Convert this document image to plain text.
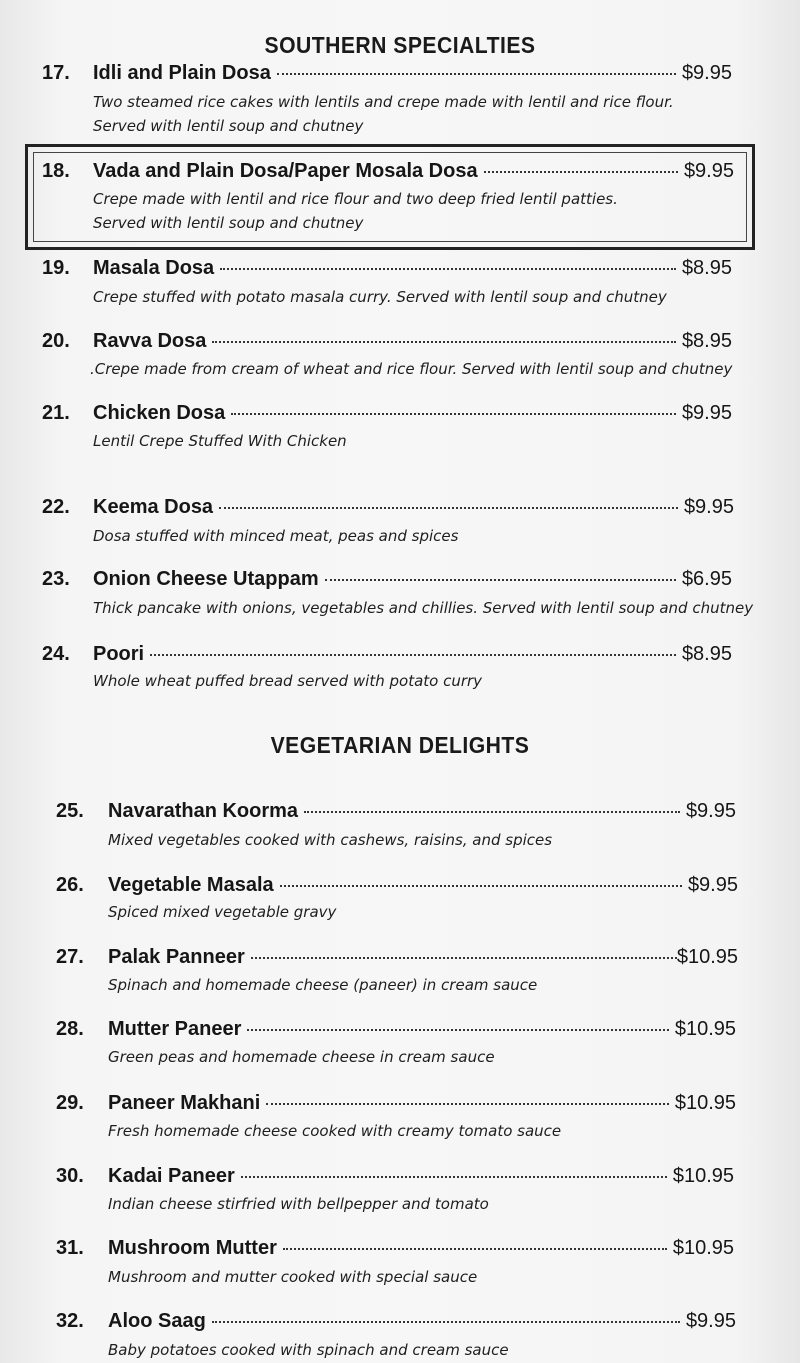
SOUTHERN SPECIALTIES
17.	Idli and Plain Dosa	$9.95
Two steamed rice cakes with lentils and crepe made with lentil and rice flour.
Served with lentil soup and chutney
18.	Vada and Plain Dosa/Paper Mosala Dosa	$9.95
Crepe made with lentil and rice flour and two deep fried lentil patties.
Served with lentil soup and chutney
19.	Masala Dosa	$8.95
Crepe stuffed with potato masala curry. Served with lentil soup and chutney
20.	Ravva Dosa	$8.95
.Crepe made from cream of wheat and rice flour. Served with lentil soup and chutney
21.	Chicken Dosa	$9.95
Lentil Crepe Stuffed With Chicken
22.	Keema Dosa	$9.95
Dosa stuffed with minced meat, peas and spices
23.	Onion Cheese Utappam	$6.95
Thick pancake with onions, vegetables and chillies. Served with lentil soup and chutney
24.	Poori	$8.95
Whole wheat puffed bread served with potato curry
VEGETARIAN DELIGHTS
25.	Navarathan Koorma	$9.95
Mixed vegetables cooked with cashews, raisins, and spices
26.	Vegetable Masala	$9.95
Spiced mixed vegetable gravy
27.	Palak Panneer	$10.95
Spinach and homemade cheese (paneer) in cream sauce
28.	Mutter Paneer	$10.95
Green peas and homemade cheese in cream sauce
29.	Paneer Makhani	$10.95
Fresh homemade cheese cooked with creamy tomato sauce
30.	Kadai Paneer	$10.95
Indian cheese stirfried with bellpepper and tomato
31.	Mushroom Mutter	$10.95
Mushroom and mutter cooked with special sauce
32.	Aloo Saag	$9.95
Baby potatoes cooked with spinach and cream sauce
